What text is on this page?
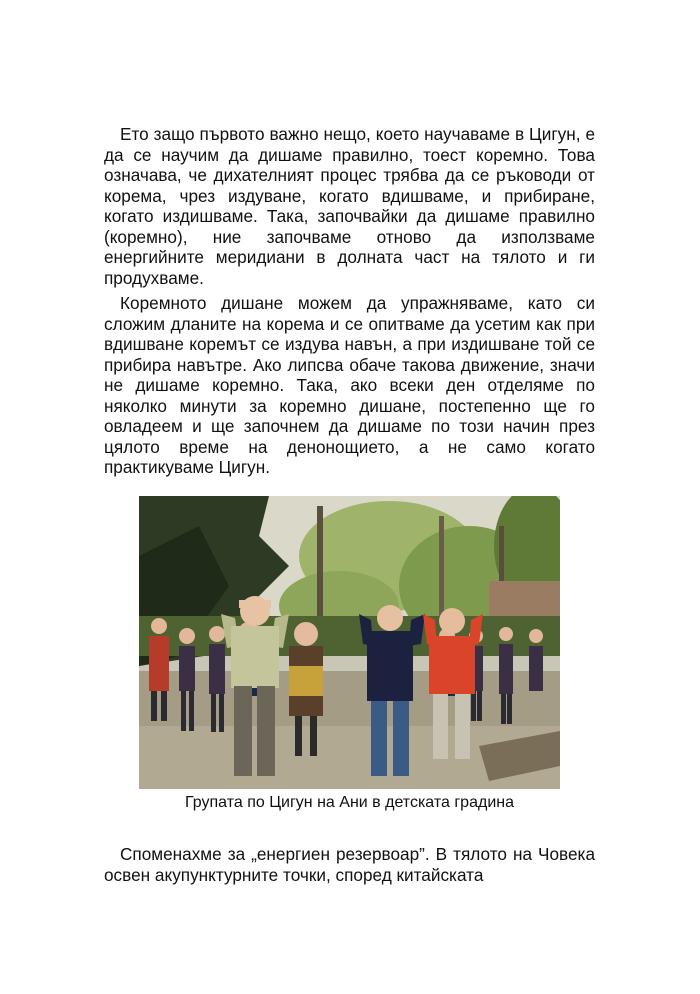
Ето защо първото важно нещо, което научаваме в Цигун, е да се научим да дишаме правилно, тоест коремно. Това означава, че дихателният процес трябва да се ръководи от корема, чрез издуване, когато вдишваме, и прибиране, когато издишваме. Така, започвайки да дишаме правилно (коремно), ние започваме отново да използваме енергийните меридиани в долната част на тялото и ги продухваме.

Коремното дишане можем да упражняваме, като си сложим дланите на корема и се опитваме да усетим как при вдишване коремът се издува навън, а при издишване той се прибира навътре. Ако липсва обаче такова движение, значи не дишаме коремно. Така, ако всеки ден отделяме по няколко минути за коремно дишане, постепенно ще го овладеем и ще започнем да дишаме по този начин през цялото време на денонощието, а не само когато практикуваме Цигун.

Групата по Цигун на Ани в детската градина

Споменахме за „енергиен резервоар”. В тялото на Човека освен акупунктурните точки, според китайската
